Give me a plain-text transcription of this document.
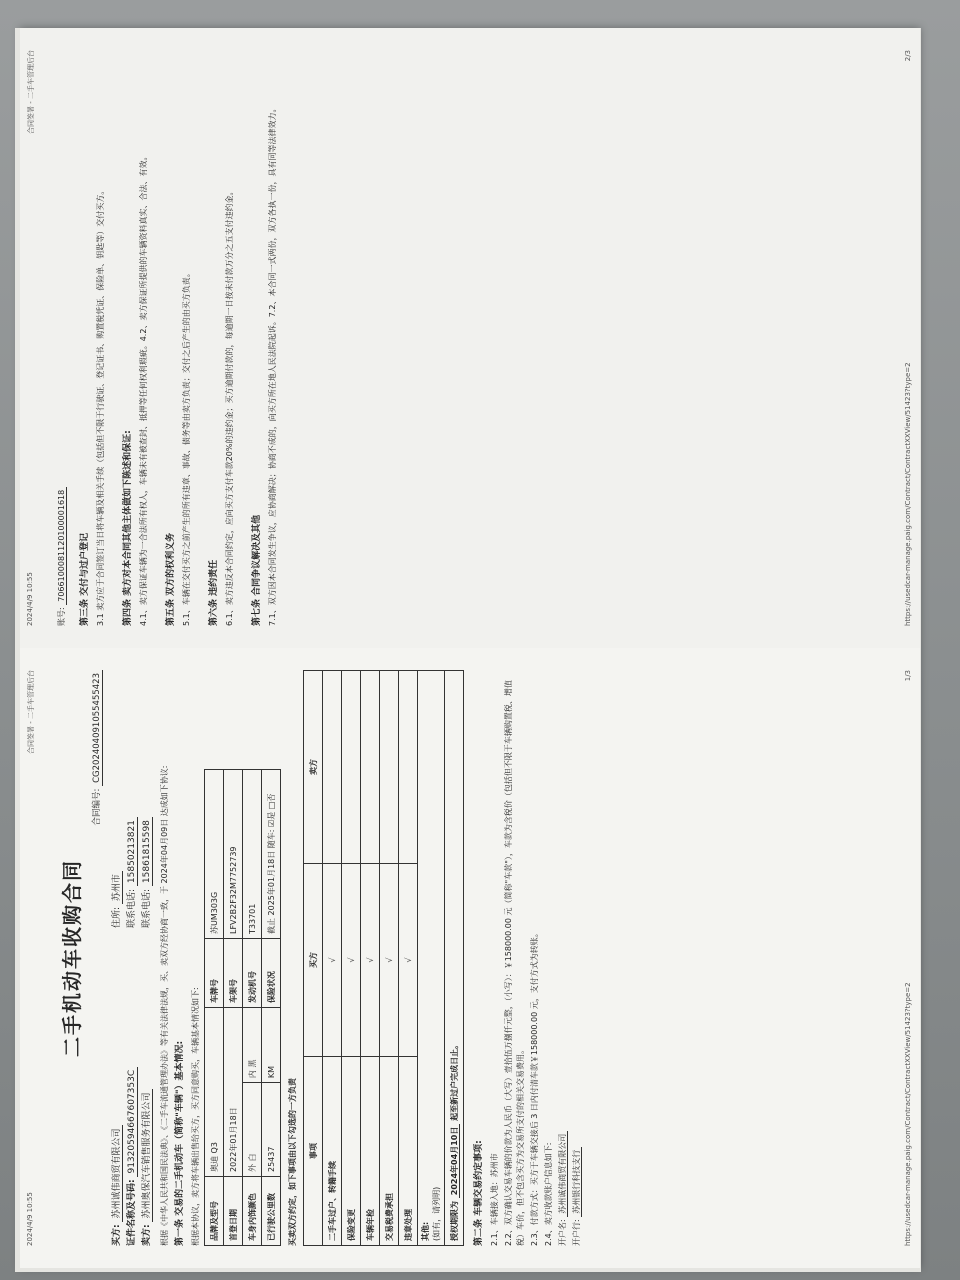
2024/4/9 10:55
合同签署 - 二手车管理后台
二手机动车收购合同
合同编号: CG202404091055455423
买方: 苏州诚伟商贸有限公司
住所: 苏州市
证件名称及号码: 91320594667607353C
联系电话: 15850213821
卖方: 苏州奥保汽车销售服务有限公司
联系电话: 15861815598	根据《中华人民共和国民法典》、《二手车流通管理办法》等有关法律法规，买、卖双方经协商一致，于 2024年04月09日 达成如下协议: 第一条 交易的二手机动车（简称"车辆"）基本情况: 根据本协议，卖方将车辆出售给买方，买方同意购买，车辆基本情况如下: 品牌及型号	奥迪 Q3		车牌号	苏UM303G
首登日期	2022年01月18日		车架号	LFV2B2F32M7752739
车身内饰颜色	外 白	内 黑	发动机号	T33701
已行驶公里数	25437	KM	保险状况	截止 2025年01月18日 随车: ☑是 □否
买卖双方约定，如下事项由以下勾选的一方负责 事项	买方	卖方
二手车过户、转籍手续	√	
保险变更	√	
车辆年检	√	
交易税费承担	√	
违章处理	√	
其他: (如有，请列明)		
授权期限为 2024年04月10日 起至新过户完成日止。		
第二条 车辆交易约定事项: 2.1、车辆接入地：苏州市 2.2、双方确认交易车辆的价款为人民币（大写）壹拾伍万捌仟元整，（小写）：￥158000.00 元（简称"车款"），车款为含税价（包括但不限于车辆购置税、增值税）车价，但不包含买方为交易所支付的相关交易费用。 2.3、付款方式：买方于车辆交接后 3 日内付清车款￥158000.00 元，支付方式为转账。 2.4、卖方收款账户信息如下: 开户名: 苏州诚伟商贸有限公司
开户行: 苏州银行科技支行	https://usedcar-manage.paig.com/Contract/ContractXXView/51423?type=2
1/3
2024/4/9 10:55
合同签署 - 二手车管理后台
账号: 7066100081120100001618 第三条 交付与过户登记 3.1 卖方应于合同签订当日将车辆及相关手续（包括但不限于行驶证、登记证书、购置税凭证、保险单、钥匙等）交付买方。 第四条 卖方对本合同其他主体做如下陈述和保证: 4.1、卖方保证车辆为一合法所有权人，车辆未有被查封、抵押等任何权利瑕疵。4.2、卖方保证所提供的车辆资料真实、合法、有效。 第五条 双方的权利义务 5.1、车辆在交付买方之前产生的所有违章、事故、债务等由卖方负责；交付之后产生的由买方负责。 第六条 违约责任 6.1、卖方违反本合同约定，应向买方支付车款20%的违约金；买方逾期付款的，每逾期一日按未付款万分之五支付违约金。 第七条 合同争议解决及其他 7.1、双方因本合同发生争议，应协商解决；协商不成的，向买方所在地人民法院起诉。7.2、本合同一式两份，双方各执一份，具有同等法律效力。	https://usedcar-manage.paig.com/Contract/ContractXXView/51423?type=2
2/3
